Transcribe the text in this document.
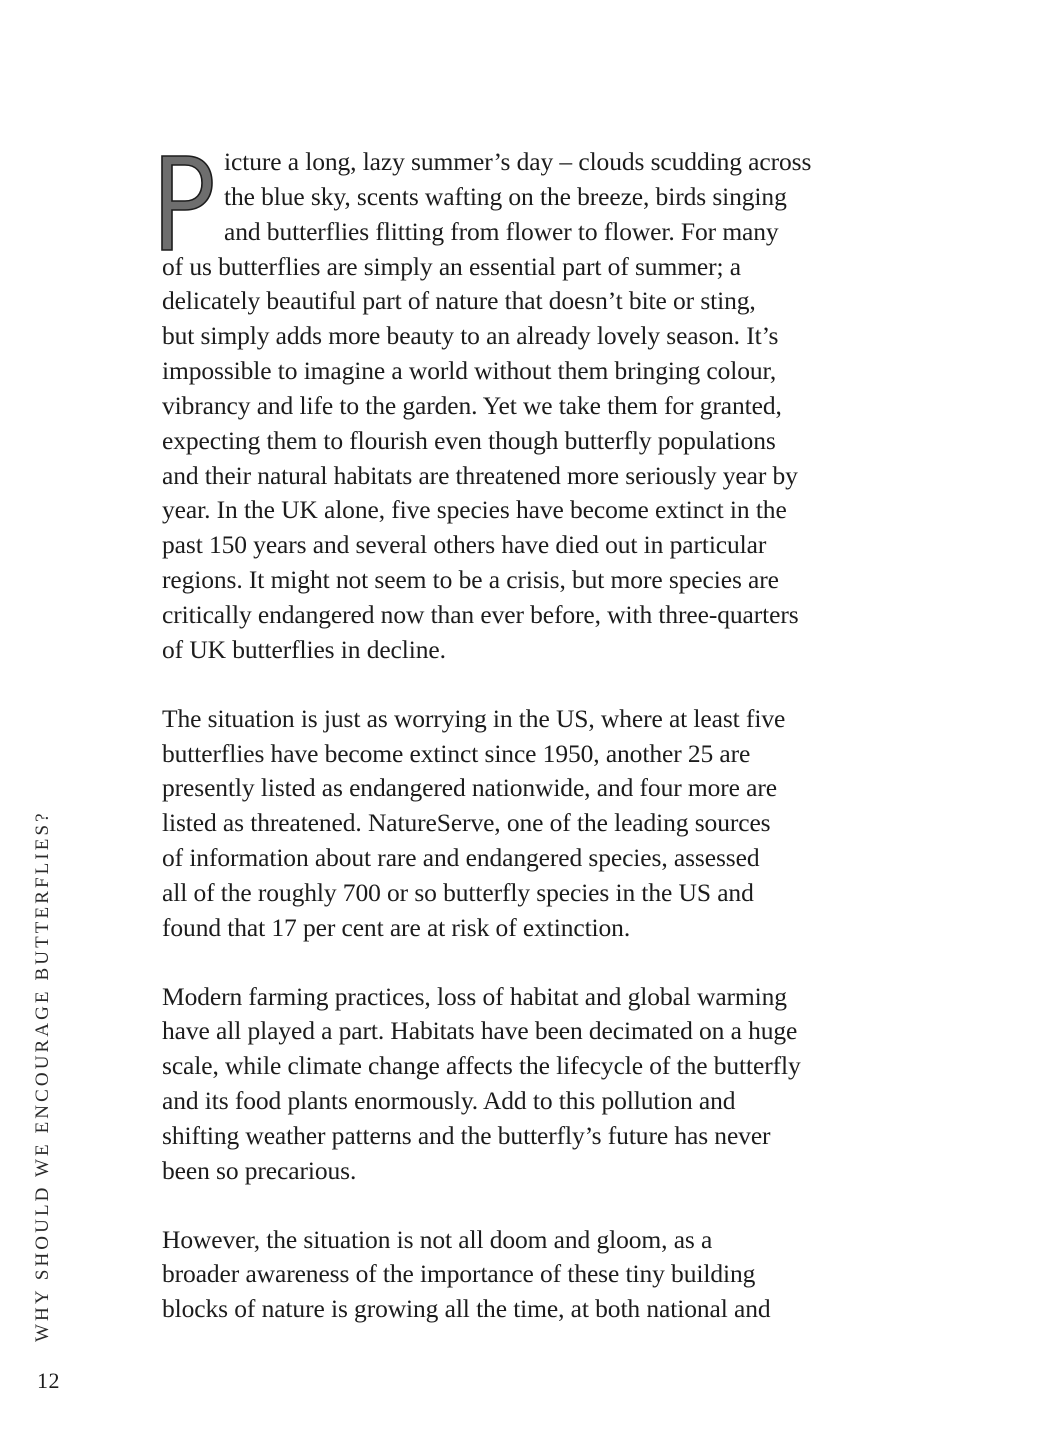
icture a long, lazy summer’s day – clouds scudding across
the blue sky, scents wafting on the breeze, birds singing
and butterflies flitting from flower to flower. For many
of us butterflies are simply an essential part of summer; a
delicately beautiful part of nature that doesn’t bite or sting,
but simply adds more beauty to an already lovely season. It’s
impossible to imagine a world without them bringing colour,
vibrancy and life to the garden. Yet we take them for granted,
expecting them to flourish even though butterfly populations
and their natural habitats are threatened more seriously year by
year. In the UK alone, five species have become extinct in the
past 150 years and several others have died out in particular
regions. It might not seem to be a crisis, but more species are
critically endangered now than ever before, with three-quarters
of UK butterflies in decline.

The situation is just as worrying in the US, where at least five
butterflies have become extinct since 1950, another 25 are
presently listed as endangered nationwide, and four more are
listed as threatened. NatureServe, one of the leading sources
of information about rare and endangered species, assessed
all of the roughly 700 or so butterfly species in the US and
found that 17 per cent are at risk of extinction.

Modern farming practices, loss of habitat and global warming
have all played a part. Habitats have been decimated on a huge
scale, while climate change affects the lifecycle of the butterfly
and its food plants enormously. Add to this pollution and
shifting weather patterns and the butterfly’s future has never
been so precarious.

However, the situation is not all doom and gloom, as a
broader awareness of the importance of these tiny building
blocks of nature is growing all the time, at both national and

WHY SHOULD WE ENCOURAGE BUTTERFLIES?
12
